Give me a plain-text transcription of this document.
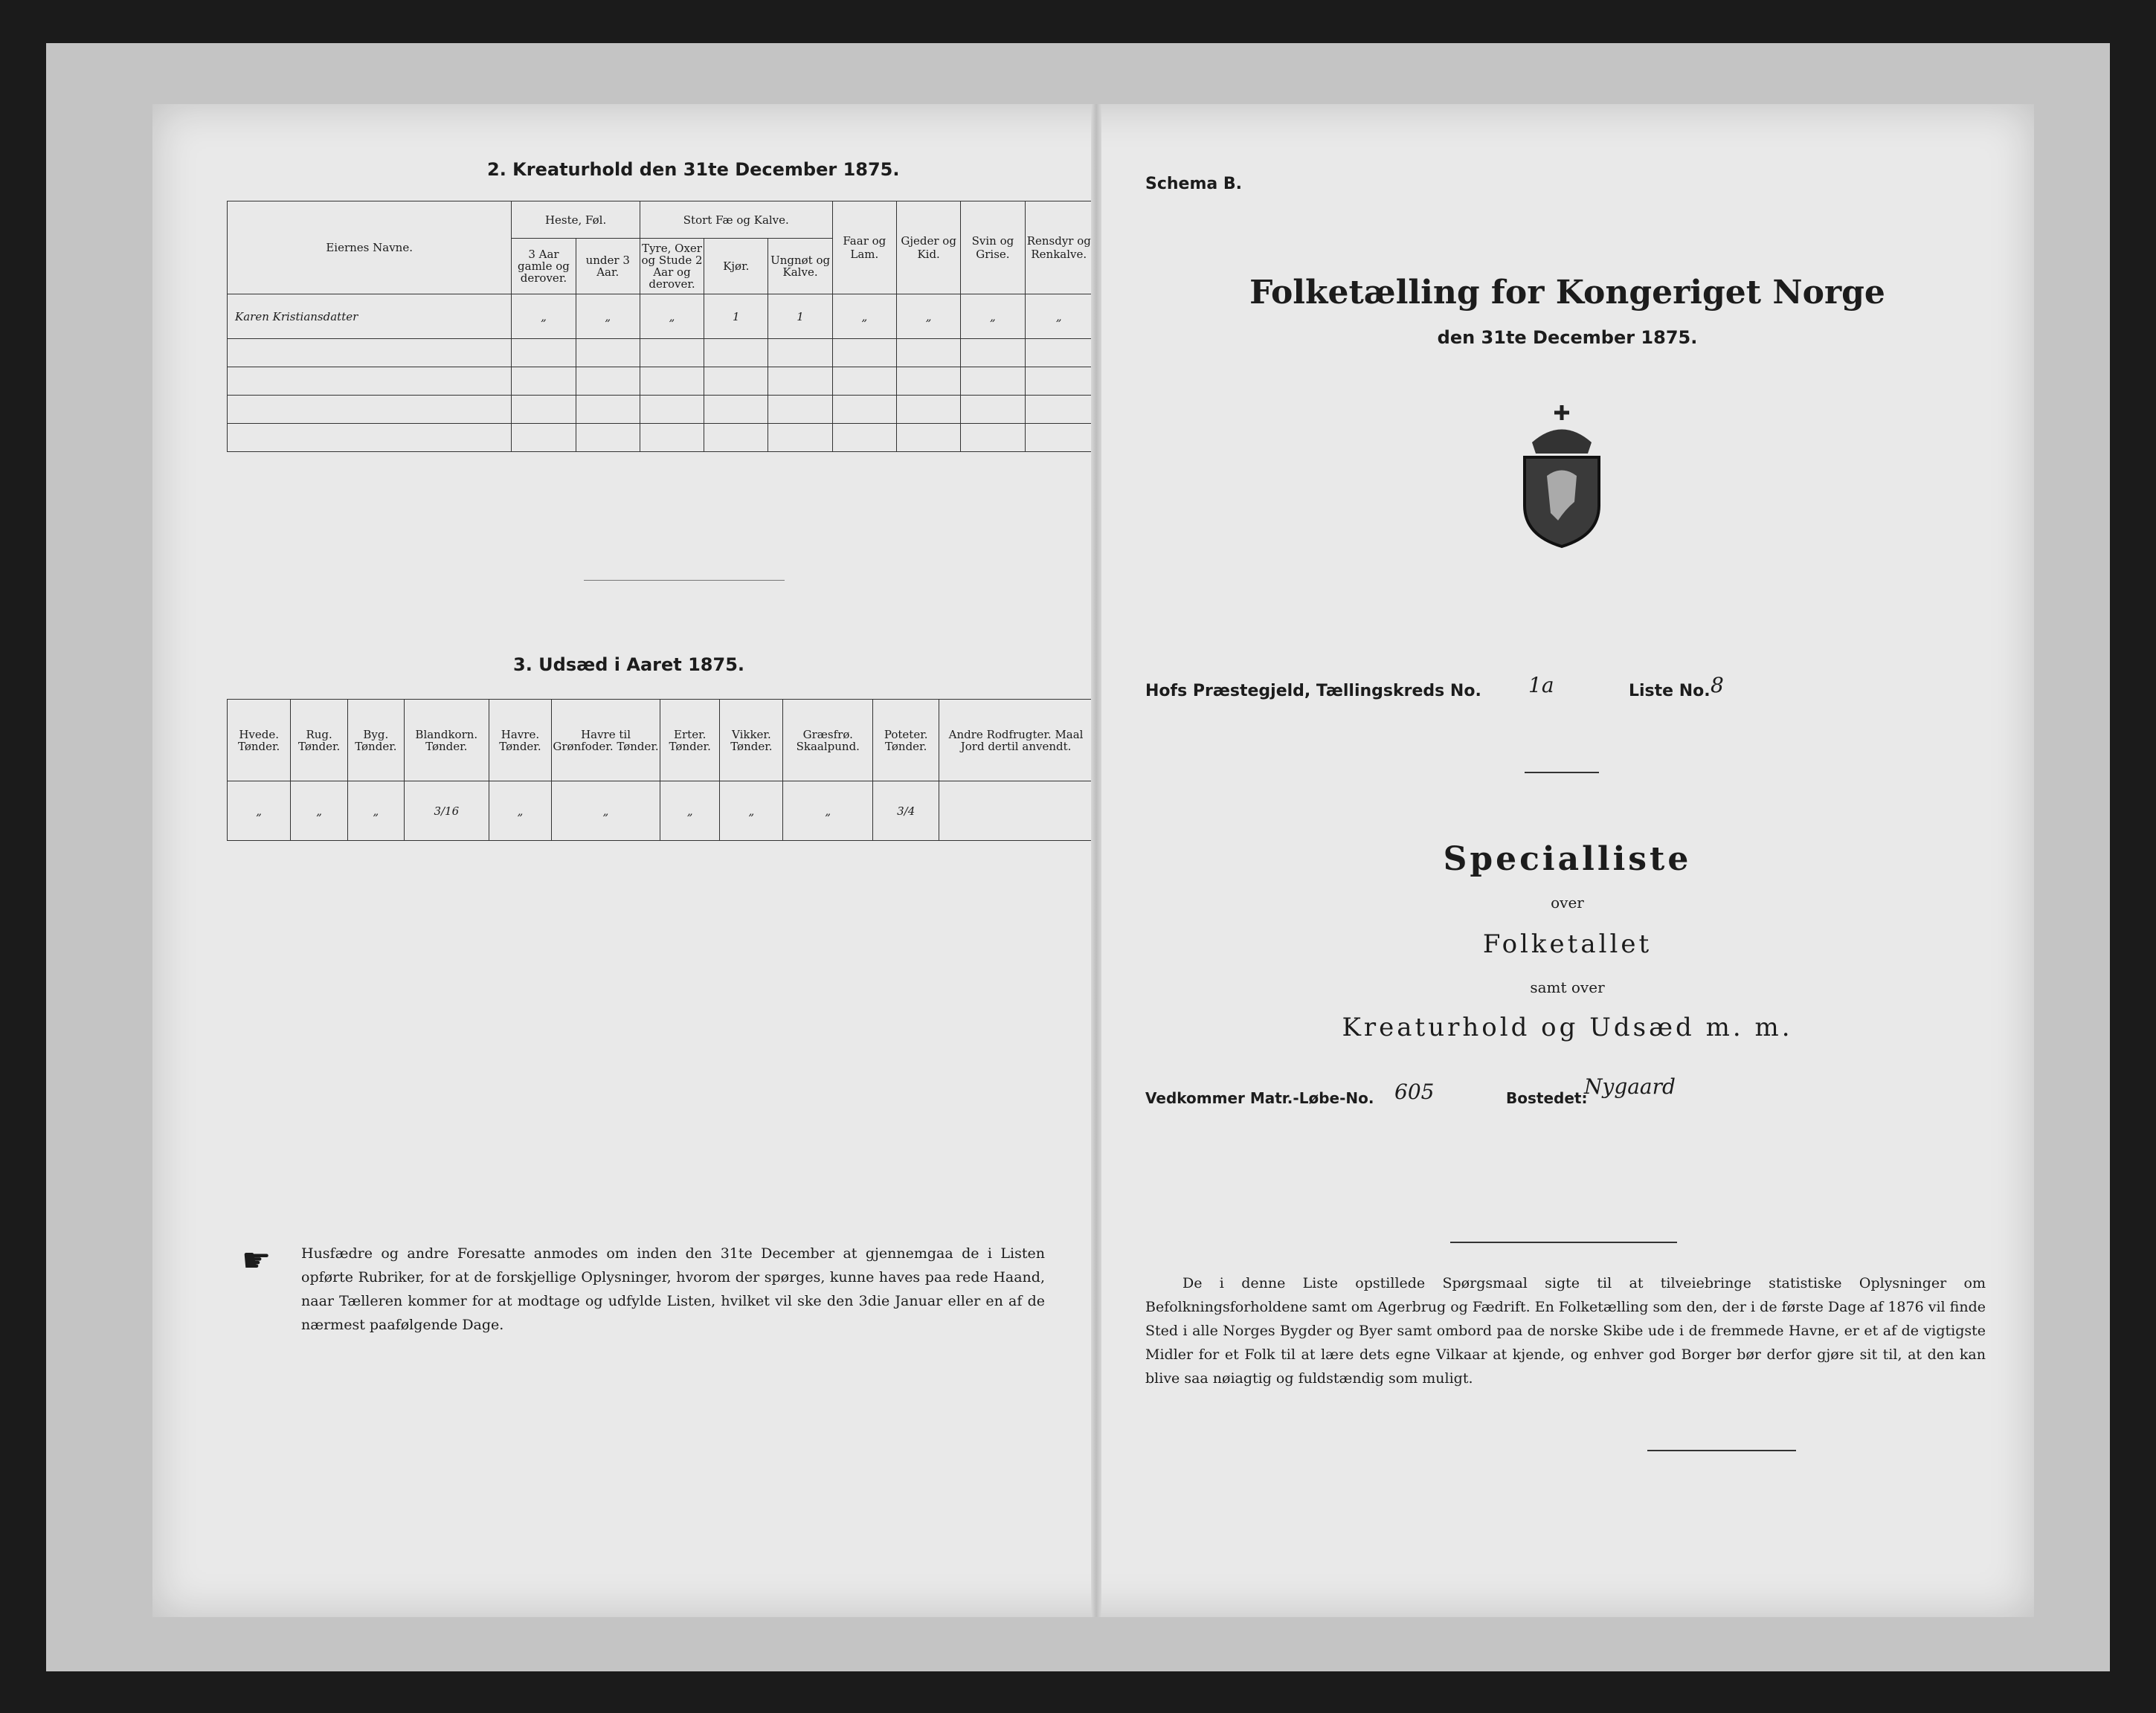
2. Kreaturhold den 31te December 1875.
Eiernes Navne.	Heste, Føl.		Stort Fæ og Kalve.			Faar og Lam.	Gjeder og Kid.	Svin og Grise.	Rensdyr og Renkalve.
	3 Aar gamle og derover.	under 3 Aar.	Tyre, Oxer og Stude 2 Aar og derover.	Kjør.	Ungnøt og Kalve.				
Karen Kristiansdatter	„	„	„	1	1	„	„	„	„

3. Udsæd i Aaret 1875.
Hvede. Tønder.	Rug. Tønder.	Byg. Tønder.	Blandkorn. Tønder.	Havre. Tønder.	Havre til Grønfoder. Tønder.	Erter. Tønder.	Vikker. Tønder.	Græsfrø. Skaalpund.	Poteter. Tønder.	Andre Rodfrugter. Maal Jord dertil anvendt.
„	„	„	3/16	„	„	„	„	„	3/4	
☛ Husfædre og andre Foresatte anmodes om inden den 31te December at gjennemgaa de i Listen opførte Rubriker, for at de forskjellige Oplysninger, hvorom der spørges, kunne haves paa rede Haand, naar Tælleren kommer for at modtage og udfylde Listen, hvilket vil ske den 3die Januar eller en af de nærmest paafølgende Dage.
Schema B.
Folketælling for Kongeriget Norge
den 31te December 1875.
Hofs Præstegjeld, Tællingskreds No. 1a	Liste No. 8
Specialliste
over
Folketallet
samt over
Kreaturhold og Udsæd m. m.
Vedkommer Matr.-Løbe-No. 605	Bostedet:
Nygaard
De i denne Liste opstillede Spørgsmaal sigte til at tilveiebringe statistiske Oplysninger om Befolkningsforholdene samt om Agerbrug og Fædrift. En Folketælling som den, der i de første Dage af 1876 vil finde Sted i alle Norges Bygder og Byer samt ombord paa de norske Skibe ude i de fremmede Havne, er et af de vigtigste Midler for et Folk til at lære dets egne Vilkaar at kjende, og enhver god Borger bør derfor gjøre sit til, at den kan blive saa nøiagtig og fuldstændig som muligt.
